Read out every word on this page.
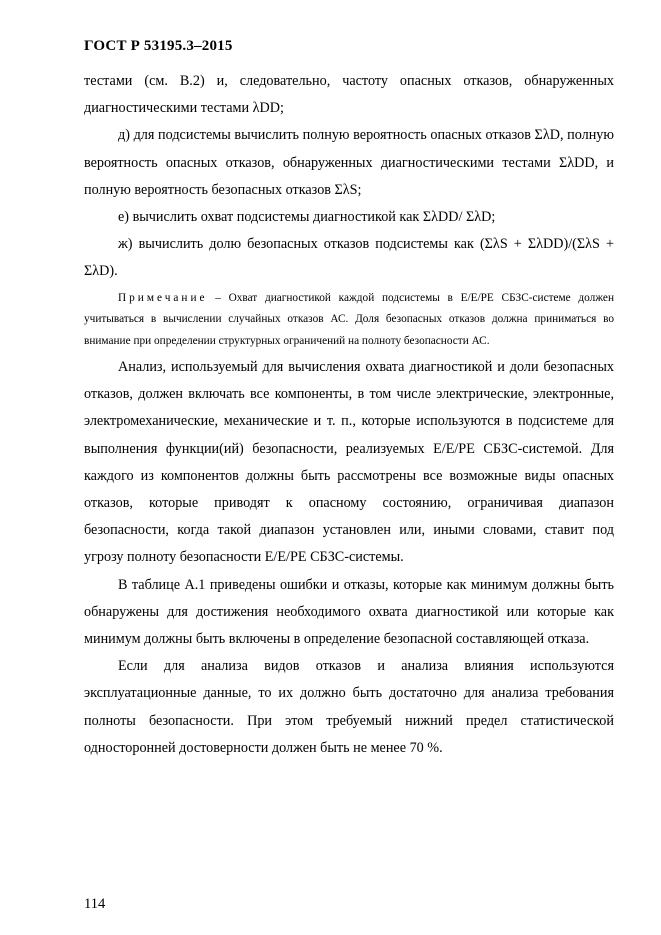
ГОСТ Р 53195.3–2015

тестами (см. В.2) и, следовательно, частоту опасных отказов, обнаруженных диагностическими тестами λDD;

д) для подсистемы вычислить полную вероятность опасных отказов ΣλD, полную вероятность опасных отказов, обнаруженных диагностическими тестами ΣλDD, и полную вероятность безопасных отказов ΣλS;

е) вычислить охват подсистемы диагностикой как ΣλDD/ ΣλD;

ж) вычислить долю безопасных отказов подсистемы как (ΣλS + ΣλDD)/(ΣλS + ΣλD).

Примечание – Охват диагностикой каждой подсистемы в E/E/PE СБЗС-системе должен учитываться в вычислении случайных отказов АС. Доля безопасных отказов должна приниматься во внимание при определении структурных ограничений на полноту безопасности АС.

Анализ, используемый для вычисления охвата диагностикой и доли безопасных отказов, должен включать все компоненты, в том числе электрические, электронные, электромеханические, механические и т. п., которые используются в подсистеме для выполнения функции(ий) безопасности, реализуемых E/E/PE СБЗС-системой. Для каждого из компонентов должны быть рассмотрены все возможные виды опасных отказов, которые приводят к опасному состоянию, ограничивая диапазон безопасности, когда такой диапазон установлен или, иными словами, ставит под угрозу полноту безопасности E/E/PE СБЗС-системы.

В таблице А.1 приведены ошибки и отказы, которые как минимум должны быть обнаружены для достижения необходимого охвата диагностикой или которые как минимум должны быть включены в определение безопасной составляющей отказа.

Если для анализа видов отказов и анализа влияния используются эксплуатационные данные, то их должно быть достаточно для анализа требования полноты безопасности. При этом требуемый нижний предел статистической односторонней достоверности должен быть не менее 70 %.

114
